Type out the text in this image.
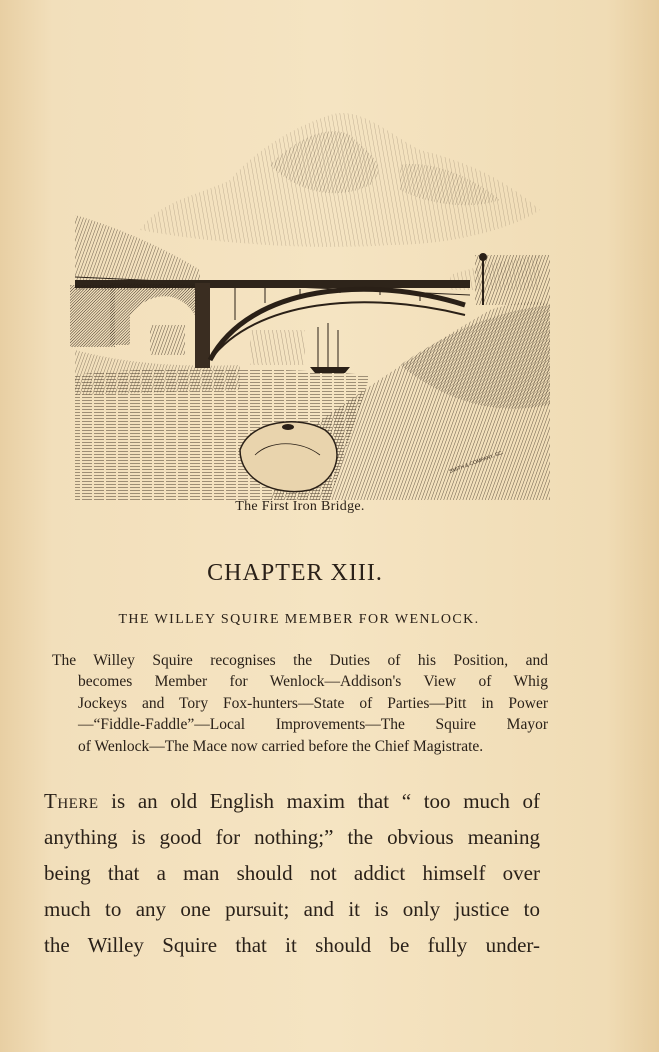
SMITH & COMPANY, SC.
The First Iron Bridge.
CHAPTER XIII.
THE WILLEY SQUIRE MEMBER FOR WENLOCK.
The Willey Squire recognises the Duties of his Position, and
becomes Member for Wenlock—Addison's View of Whig
Jockeys and Tory Fox-hunters—State of Parties—Pitt in Power
—“Fiddle-Faddle”—Local Improvements—The Squire Mayor
of Wenlock—The Mace now carried before the Chief Magistrate.
There is an old English maxim that “ too much of
anything is good for nothing;” the obvious meaning
being that a man should not addict himself over
much to any one pursuit; and it is only justice to
the Willey Squire that it should be fully under-
